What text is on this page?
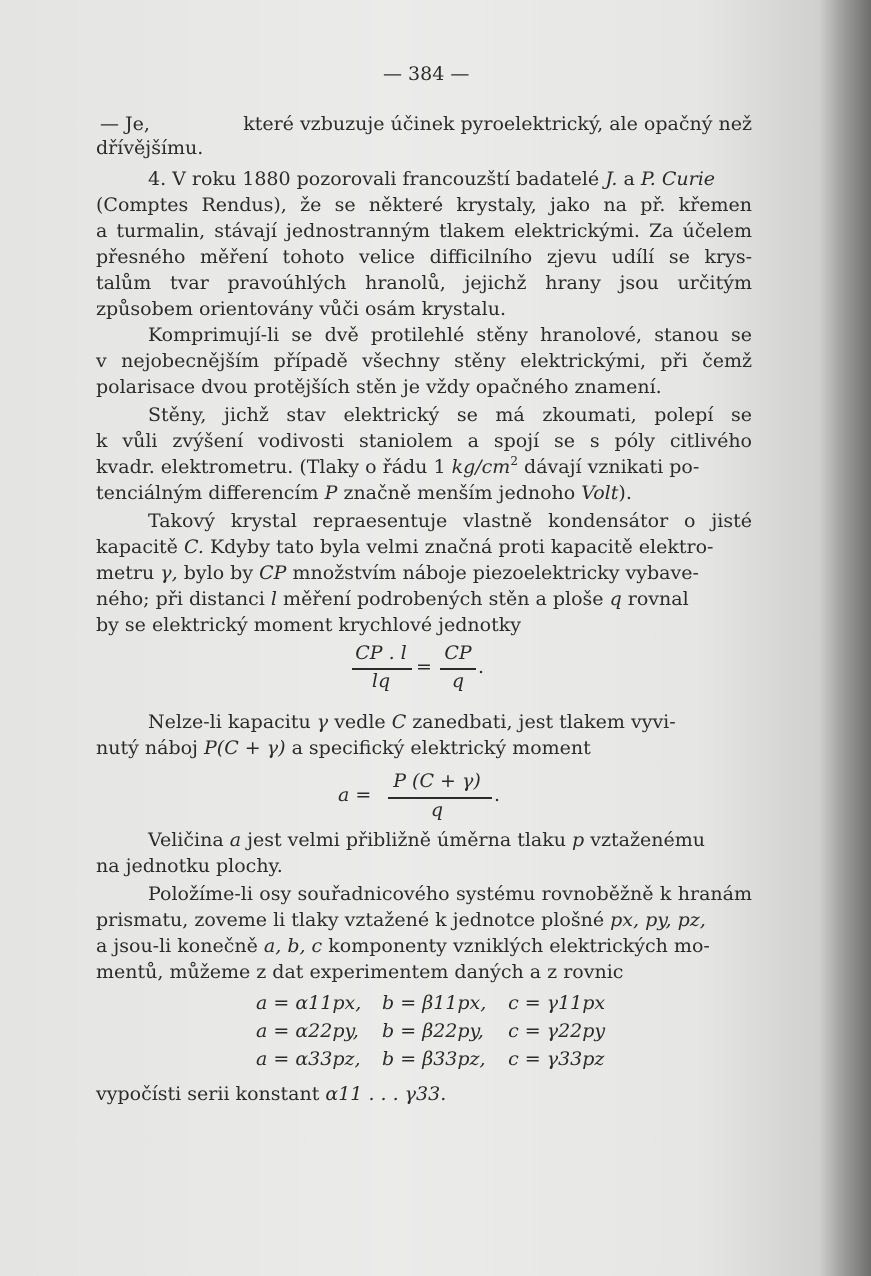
— 384 —
— Je,	které vzbuzuje účinek pyroelektrický, ale opačný než
dřívějšímu.
4. V roku 1880 pozorovali francouzští badatelé J. a P. Curie
(Comptes Rendus), že se některé krystaly, jako na př. křemen
a turmalin, stávají jednostranným tlakem elektrickými. Za účelem
přesného měření tohoto velice difficilního zjevu udílí se krys-
talům tvar pravoúhlých hranolů, jejichž hrany jsou určitým
způsobem orientovány vůči osám krystalu.
Komprimují-li se dvě protilehlé stěny hranolové, stanou se
v nejobecnějším případě všechny stěny elektrickými, při čemž
polarisace dvou protějších stěn je vždy opačného znamení.
Stěny, jichž stav elektrický se má zkoumati, polepí se
k vůli zvýšení vodivosti staniolem a spojí se s póly citlivého
kvadr. elektrometru. (Tlaky o řádu 1 $kg/cm^2$ dávají vznikati po-
tenciálným differencím P značně menším jednoho Volt).
Takový krystal repraesentuje vlastně kondensátor o jisté
kapacitě C. Kdyby tato byla velmi značná proti kapacitě elektro-
metru γ, bylo by CP množstvím náboje piezoelektricky vybave-
ného; při distanci l měření podrobených stěn a ploše q rovnal
by se elektrický moment krychlové jednotky
CP . l
lq
=
CP
q
.
Nelze-li kapacitu γ vedle C zanedbati, jest tlakem vyvi-
nutý náboj P(C + γ) a specifický elektrický moment
a =
P (C + γ)
q
.
Veličina a jest velmi přibližně úměrna tlaku p vztaženému
na jednotku plochy.
Položíme-li osy souřadnicového systému rovnoběžně k hranám
prismatu, zoveme li tlaky vztažené k jednotce plošné px, py, pz,
a jsou-li konečně a, b, c komponenty vzniklých elektrických mo-
mentů, můžeme z dat experimentem daných a z rovnic
a = α11px, b = β11px, c = γ11px
a = α22py, b = β22py, c = γ22py
a = α33pz, b = β33pz, c = γ33pz
vypočísti serii konstant α11 . . . γ33.
